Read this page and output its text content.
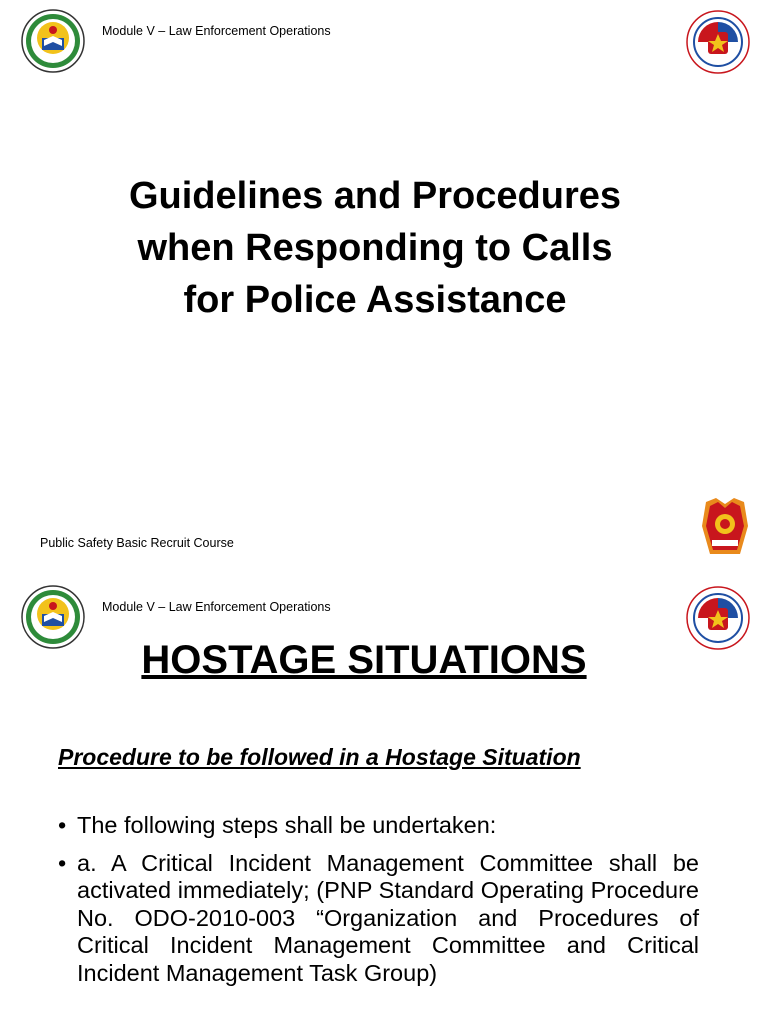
Module V – Law Enforcement Operations
Guidelines and Procedures
when Responding to Calls
for Police Assistance
Public Safety Basic Recruit Course
Module V – Law Enforcement Operations
HOSTAGE SITUATIONS
Procedure to be followed in a Hostage Situation
• The following steps shall be undertaken:
• a. A Critical Incident Management Committee shall be activated immediately; (PNP Standard Operating Procedure No. ODO-2010-003 “Organization and Procedures of Critical Incident Management Committee and Critical Incident Management Task Group)
